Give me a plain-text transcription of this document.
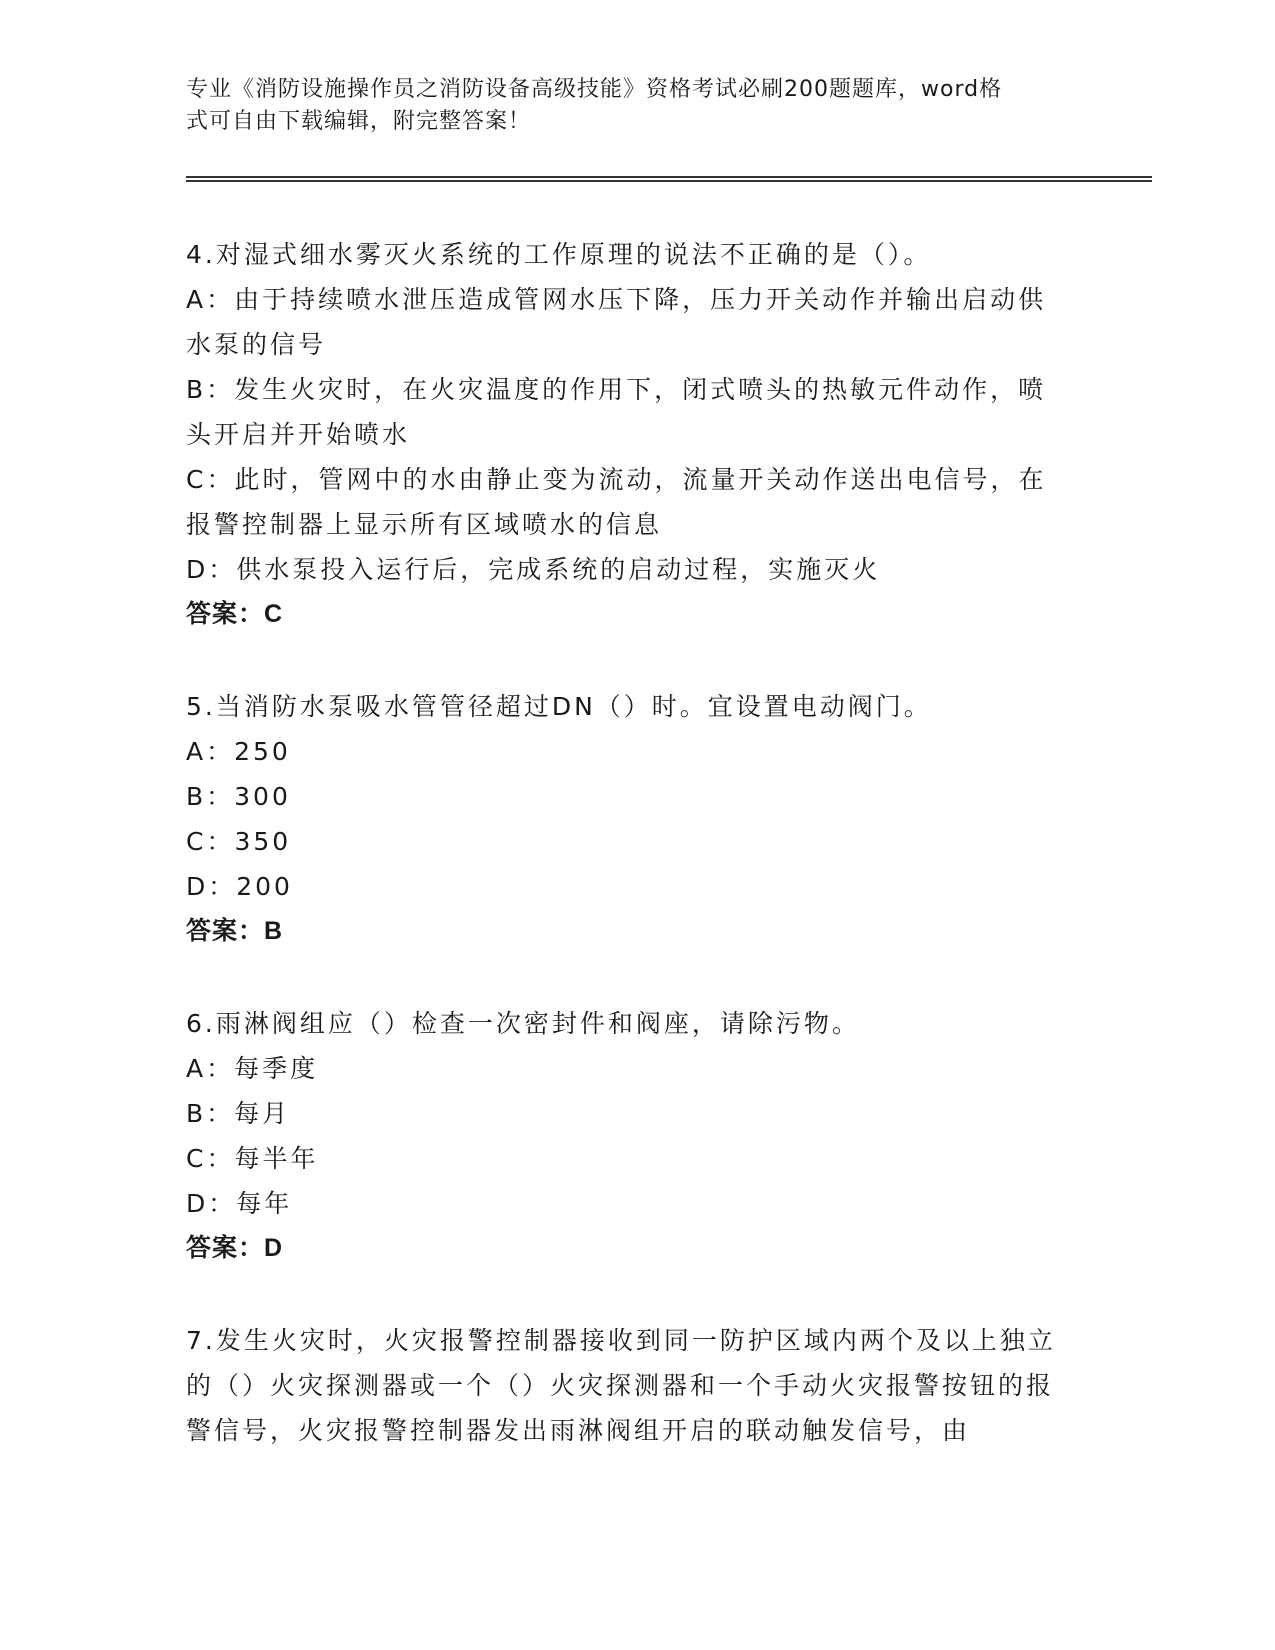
专业《消防设施操作员之消防设备高级技能》资格考试必刷200题题库，word格
式可自由下载编辑，附完整答案！

4.对湿式细水雾灭火系统的工作原理的说法不正确的是（）。

A：由于持续喷水泄压造成管网水压下降，压力开关动作并输出启动供水泵的信号

B：发生火灾时，在火灾温度的作用下，闭式喷头的热敏元件动作，喷头开启并开始喷水

C：此时，管网中的水由静止变为流动，流量开关动作送出电信号，在报警控制器上显示所有区域喷水的信息

D：供水泵投入运行后，完成系统的启动过程，实施灭火

答案：C

5.当消防水泵吸水管管径超过DN（）时。宜设置电动阀门。

A：250

B：300

C：350

D：200

答案：B

6.雨淋阀组应（）检查一次密封件和阀座，请除污物。

A：每季度

B：每月

C：每半年

D：每年

答案：D

7.发生火灾时，火灾报警控制器接收到同一防护区域内两个及以上独立的（）火灾探测器或一个（）火灾探测器和一个手动火灾报警按钮的报警信号，火灾报警控制器发出雨淋阀组开启的联动触发信号，由
